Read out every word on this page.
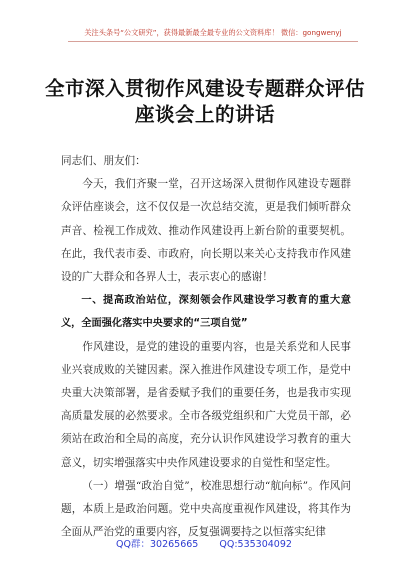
关注头条号“公文研究”，获得最新最全最专业的公文资料库！ 微信：gongwenyj
全市深入贯彻作风建设专题群众评估
座谈会上的讲话

同志们、朋友们：

今天，我们齐聚一堂，召开这场深入贯彻作风建设专题群众评估座谈会，这不仅仅是一次总结交流，更是我们倾听群众声音、检视工作成效、推动作风建设再上新台阶的重要契机。在此，我代表市委、市政府，向长期以来关心支持我市作风建设的广大群众和各界人士，表示衷心的感谢！

一、提高政治站位，深刻领会作风建设学习教育的重大意义，全面强化落实中央要求的“三项自觉”

作风建设，是党的建设的重要内容，也是关系党和人民事业兴衰成败的关键因素。深入推进作风建设专项工作，是党中央重大决策部署，是省委赋予我们的重要任务，也是我市实现高质量发展的必然要求。全市各级党组织和广大党员干部，必须站在政治和全局的高度，充分认识作风建设学习教育的重大意义，切实增强落实中央作风建设要求的自觉性和坚定性。

（一）增强“政治自觉”，校准思想行动“航向标”。作风问题，本质上是政治问题。党中央高度重视作风建设，将其作为全面从严治党的重要内容，反复强调要持之以恒落实纪律

QQ群：30265665 QQ:535304092
